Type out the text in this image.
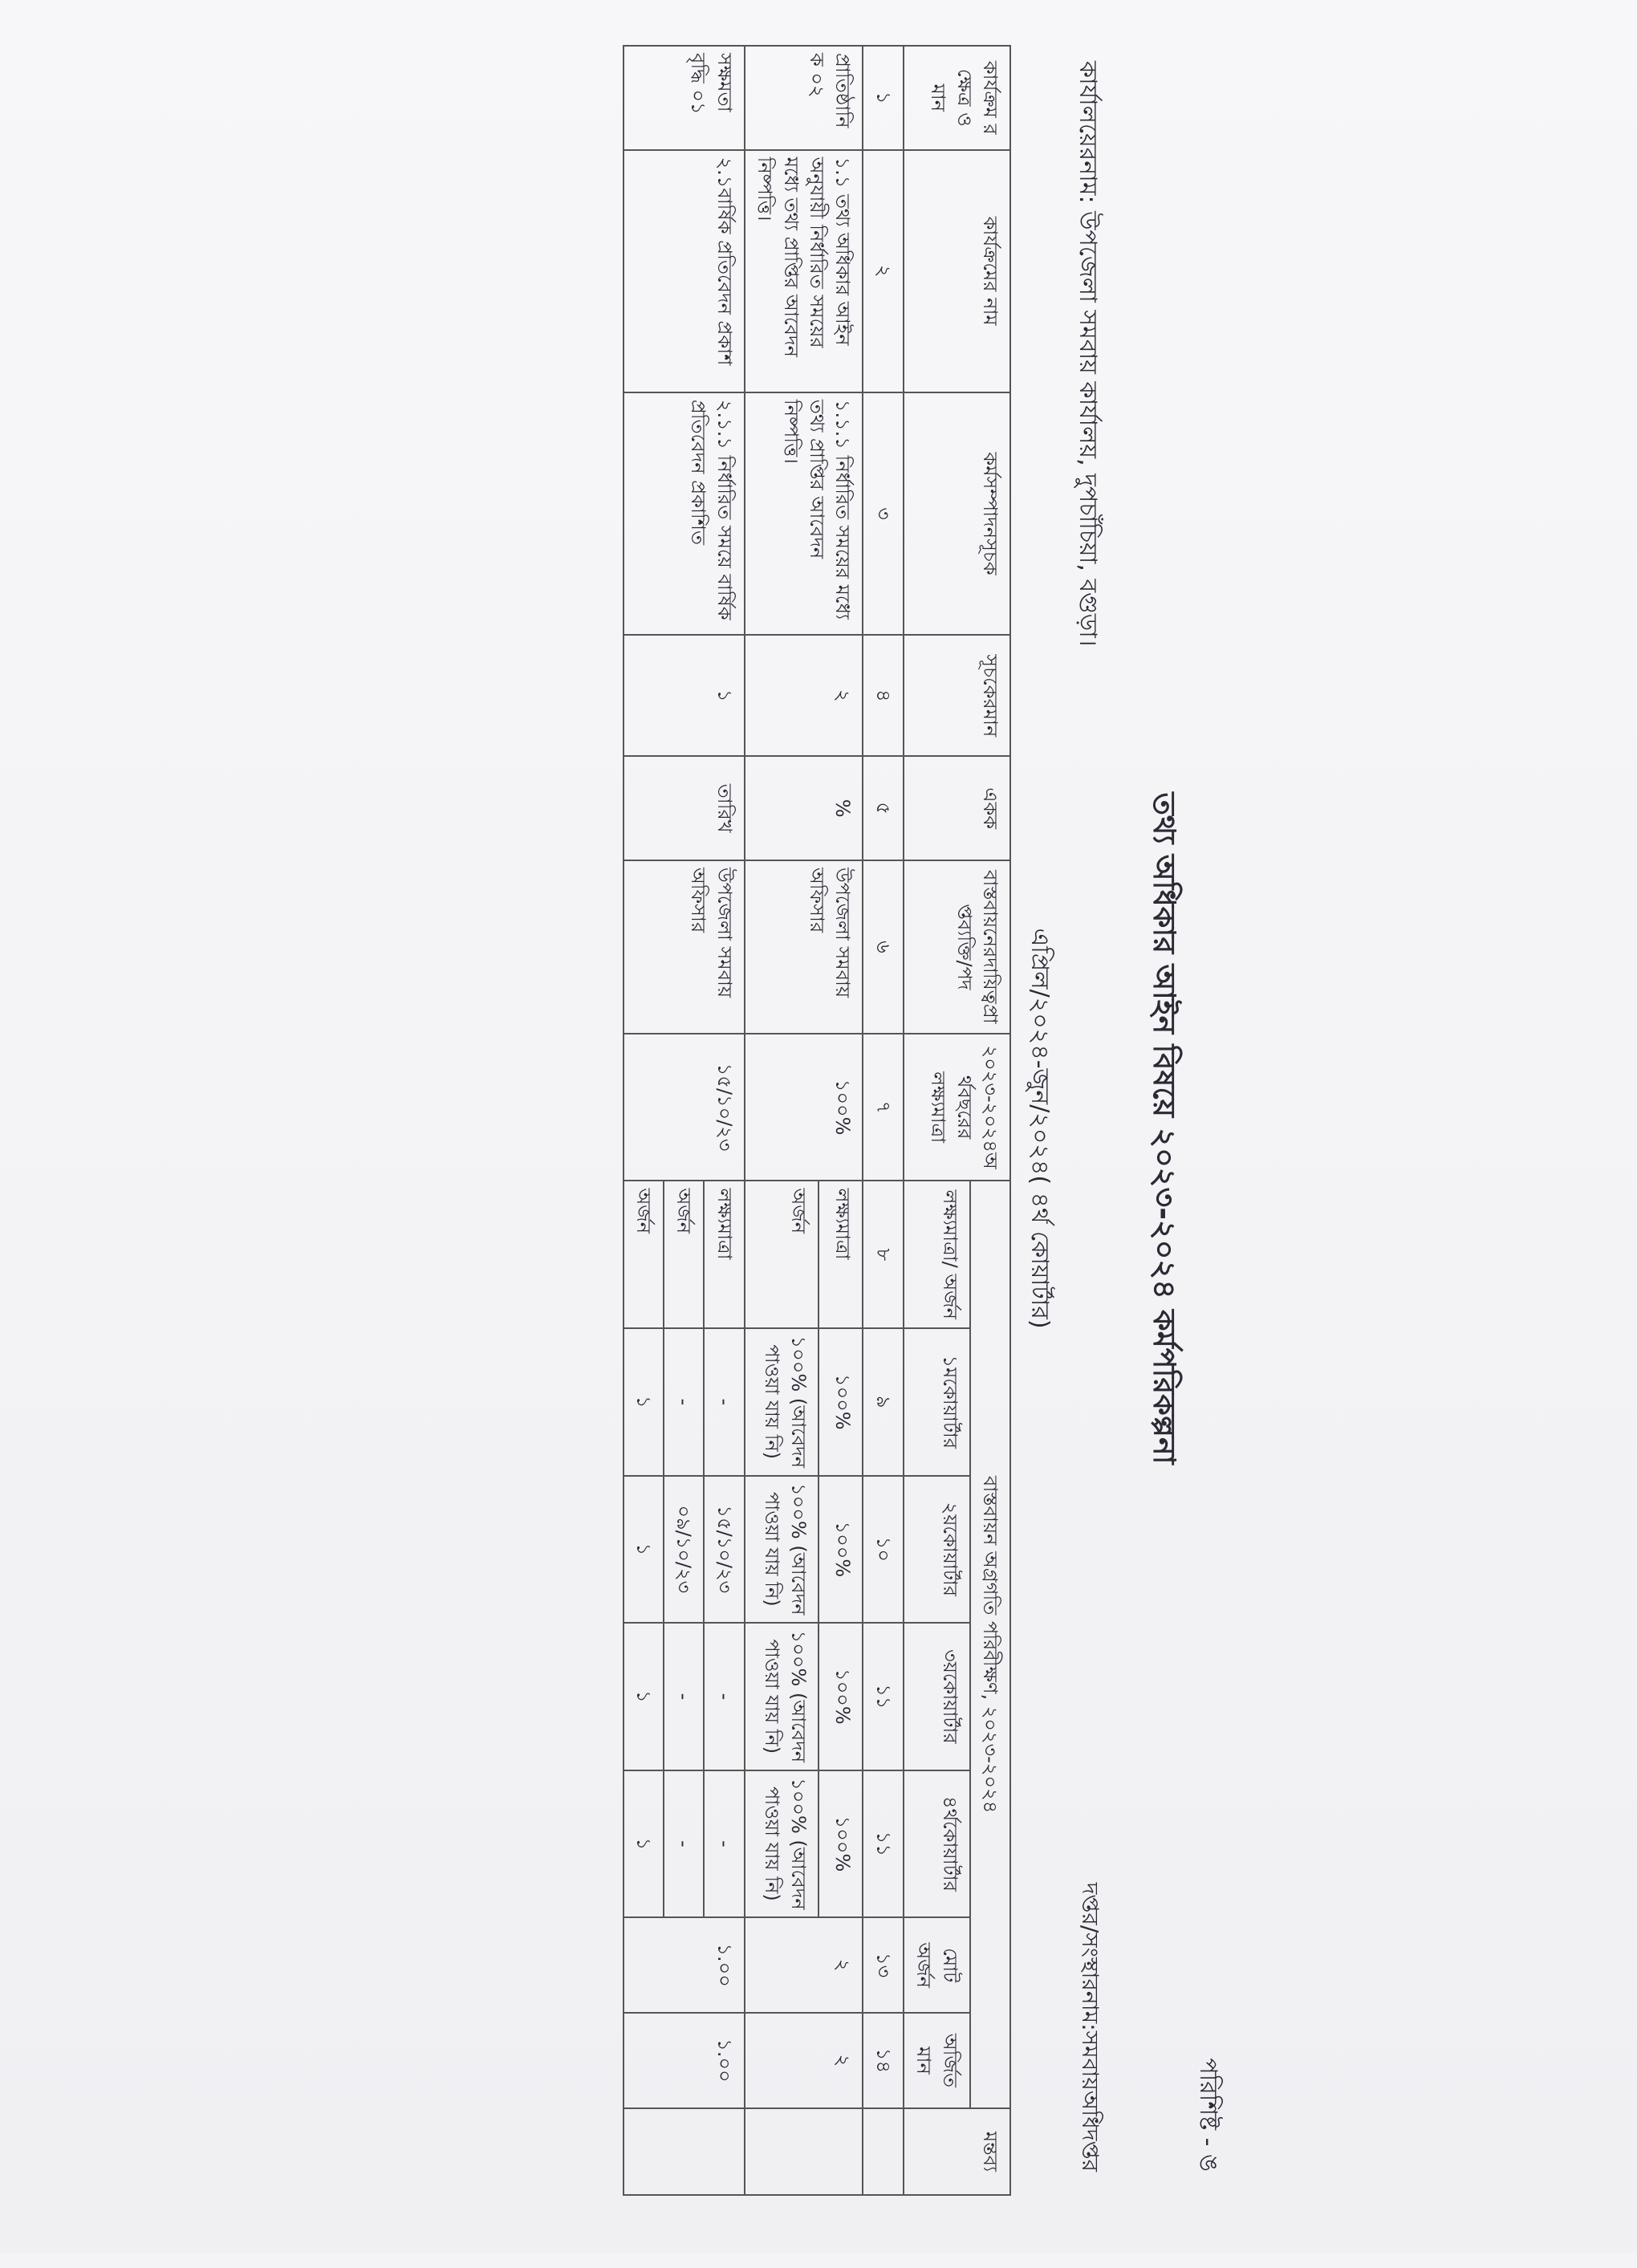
পরিশিষ্ট - ঙ
তথ্য অধিকার আইন বিষয়ে ২০২৩-২০২৪ কর্মপরিকল্পনা
কার্যালয়েরনাম: উপজেলা সমবায় কার্যালয়, দুপচাঁচিয়া, বগুড়া।
দপ্তর/সংস্থারনাম:সমবায়অধিদপ্তর
এপ্রিল/২০২৪-জুন/২০২৪( ৪র্থ কোয়ার্টার)
কার্যক্রম র ক্ষেত্র ও মান	কার্যক্রমের নাম	কর্মসম্পাদনসূচক	সূচকেরমান	একক	বাস্তবায়নেরদায়িত্বপ্রাপ্তব্যক্তি/পদ	২০২৩-২০২৪অর্থবছরের লক্ষ্যমাত্রা	বাস্তবায়ন অগ্রগতি পরিবীক্ষণ, ২০২৩-২০২৪							মন্তব্য
							লক্ষ্যমাত্রা/ অর্জন	১মকোয়ার্টার	২য়কোয়ার্টার	৩য়কোয়ার্টার	৪র্থকোয়ার্টার	মোট অর্জন	অর্জিত মান	
১	২	৩	৪	৫	৬	৭	৮	৯	১০	১১	১১	১৩	১৪	
প্রাতিষ্ঠানি ক ০২	১.১ তথ্য অধিকার আইন অনুযায়ী নির্ধারিত সময়ের মধ্যে তথ্য প্রাপ্তির আবেদন নিষ্পত্তি।	১.১.১ নির্ধারিত সময়ের মধ্যে তথ্য প্রাপ্তির আবেদন নিষ্পত্তি।	২	%	উপজেলা সমবায় অফিসার	১০০%	লক্ষ্যমাত্রা	১০০%	১০০%	১০০%	১০০%	২	২	
							অর্জন	১০০% (আবেদন পাওয়া যায় নি)	১০০% (আবেদন পাওয়া যায় নি)	১০০% (আবেদন পাওয়া যায় নি)	১০০% (আবেদন পাওয়া যায় নি)			
সক্ষমতা বৃদ্ধি ০১	২.১বার্ষিক প্রতিবেদন প্রকাশ	২.১.১ নির্ধারিত সময়ে বার্ষিক প্রতিবেদন প্রকাশিত	১	তারিখ	উপজেলা সমবায় অফিসার	১৫/১০/২৩	লক্ষ্যমাত্রা	-	১৫/১০/২৩	-	-	১.০০	১.০০	
							অর্জন	-	০৯/১০/২৩	-	-			
							অর্জন	১	১	১	১			
